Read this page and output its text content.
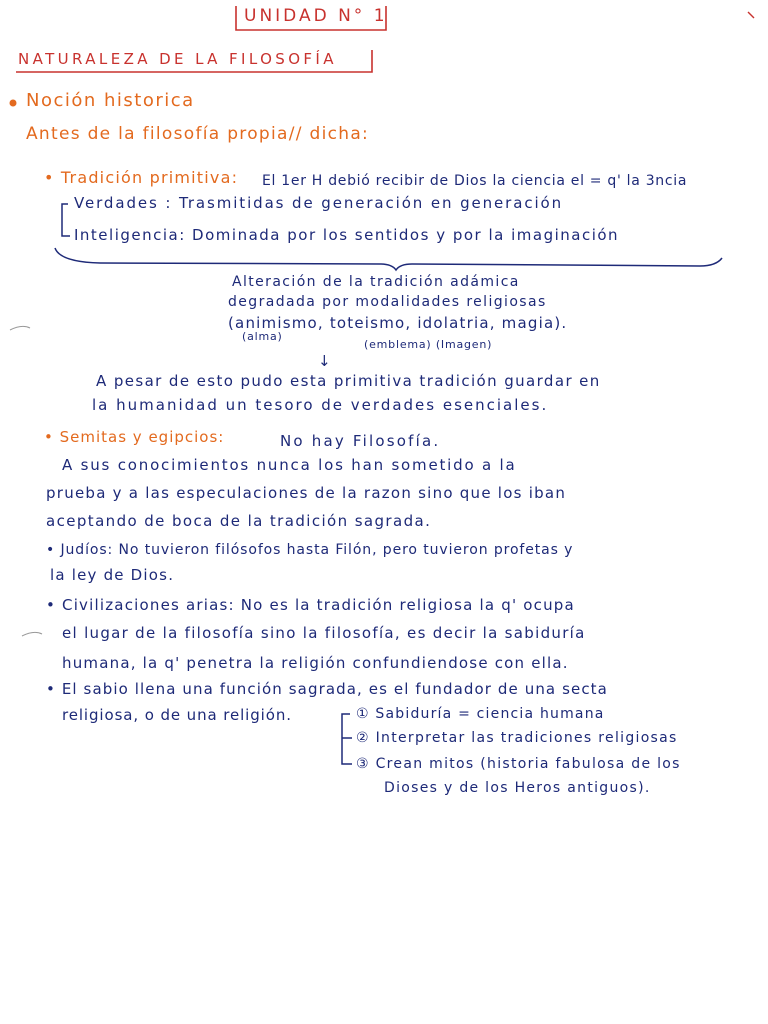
UNIDAD N° 1
NATURALEZA DE LA FILOSOFÍA
Noción historica
Antes de la filosofía propia// dicha:
• Tradición primitiva: El 1er H debió recibir de Dios la ciencia el = q' la 3ncia
Verdades : Trasmitidas de generación en generación
Inteligencia: Dominada por los sentidos y por la imaginación
Alteración de la tradición adámica
degradada por modalidades religiosas
(animismo, toteismo, idolatria, magia).
(alma)
(emblema) (Imagen)
↓
A pesar de esto pudo esta primitiva tradición guardar en
la humanidad un tesoro de verdades esenciales.
• Semitas y egipcios:	No hay Filosofía.
A sus conocimientos nunca los han sometido a la
prueba y a las especulaciones de la razon sino que los iban
aceptando de boca de la tradición sagrada.
• Judíos: No tuvieron filósofos hasta Filón, pero tuvieron profetas y
la ley de Dios.
• Civilizaciones arias: No es la tradición religiosa la q' ocupa
el lugar de la filosofía sino la filosofía, es decir la sabiduría
humana, la q' penetra la religión confundiendose con ella.
• El sabio llena una función sagrada, es el fundador de una secta
religiosa, o de una religión.	① Sabiduría = ciencia humana
② Interpretar las tradiciones religiosas
③ Crean mitos (historia fabulosa de los
Dioses y de los Heros antiguos).
